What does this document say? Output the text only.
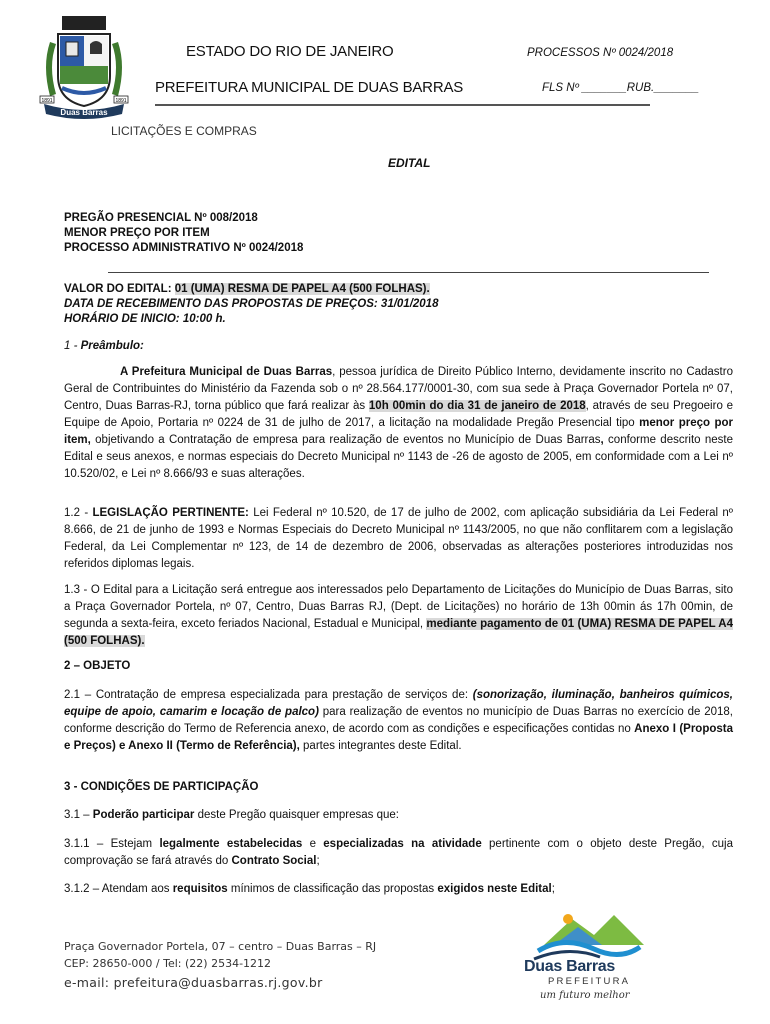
Duas Barras
1891	1891
ESTADO DO RIO DE JANEIRO
PREFEITURA MUNICIPAL DE DUAS BARRAS
PROCESSOS Nº 0024/2018
FLS Nº _______RUB._______
LICITAÇÕES E COMPRAS
EDITAL
PREGÃO PRESENCIAL Nº 008/2018
MENOR PREÇO POR ITEM
PROCESSO ADMINISTRATIVO Nº 0024/2018
VALOR DO EDITAL: 01 (UMA) RESMA DE PAPEL A4 (500 FOLHAS).
DATA DE RECEBIMENTO DAS PROPOSTAS DE PREÇOS: 31/01/2018
HORÁRIO DE INICIO: 10:00 h.
1 - Preâmbulo:
A Prefeitura Municipal de Duas Barras, pessoa jurídica de Direito Público Interno, devidamente inscrito no Cadastro Geral de Contribuintes do Ministério da Fazenda sob o nº 28.564.177/0001-30, com sua sede à Praça Governador Portela nº 07, Centro, Duas Barras-RJ, torna público que fará realizar às 10h 00min do dia 31 de janeiro de 2018, através de seu Pregoeiro e Equipe de Apoio, Portaria nº 0224 de 31 de julho de 2017, a licitação na modalidade Pregão Presencial tipo menor preço por item, objetivando a Contratação de empresa para realização de eventos no Município de Duas Barras, conforme descrito neste Edital e seus anexos, e normas especiais do Decreto Municipal nº 1143 de -26 de agosto de 2005, em conformidade com a Lei nº 10.520/02, e Lei nº 8.666/93 e suas alterações.
1.2 - LEGISLAÇÃO PERTINENTE: Lei Federal nº 10.520, de 17 de julho de 2002, com aplicação subsidiária da Lei Federal nº 8.666, de 21 de junho de 1993 e Normas Especiais do Decreto Municipal nº 1143/2005, no que não conflitarem com a legislação Federal, da Lei Complementar nº 123, de 14 de dezembro de 2006, observadas as alterações posteriores introduzidas nos referidos diplomas legais.
1.3 - O Edital para a Licitação será entregue aos interessados pelo Departamento de Licitações do Município de Duas Barras, sito a Praça Governador Portela, nº 07, Centro, Duas Barras RJ, (Dept. de Licitações) no horário de 13h 00min ás 17h 00min, de segunda a sexta-feira, exceto feriados Nacional, Estadual e Municipal, mediante pagamento de 01 (UMA) RESMA DE PAPEL A4 (500 FOLHAS).
2 – OBJETO
2.1 – Contratação de empresa especializada para prestação de serviços de: (sonorização, iluminação, banheiros químicos, equipe de apoio, camarim e locação de palco) para realização de eventos no município de Duas Barras no exercício de 2018, conforme descrição do Termo de Referencia anexo, de acordo com as condições e especificações contidas no Anexo I (Proposta e Preços) e Anexo II (Termo de Referência), partes integrantes deste Edital.
3 - CONDIÇÕES DE PARTICIPAÇÃO
3.1 – Poderão participar deste Pregão quaisquer empresas que:
3.1.1 – Estejam legalmente estabelecidas e especializadas na atividade pertinente com o objeto deste Pregão, cuja comprovação se fará através do Contrato Social;
3.1.2 – Atendam aos requisitos mínimos de classificação das propostas exigidos neste Edital;
Praça Governador Portela, 07 – centro – Duas Barras – RJ
CEP: 28650-000 / Tel: (22) 2534-1212
e-mail: prefeitura@duasbarras.rj.gov.br
Duas Barras
PREFEITURA
um futuro melhor
